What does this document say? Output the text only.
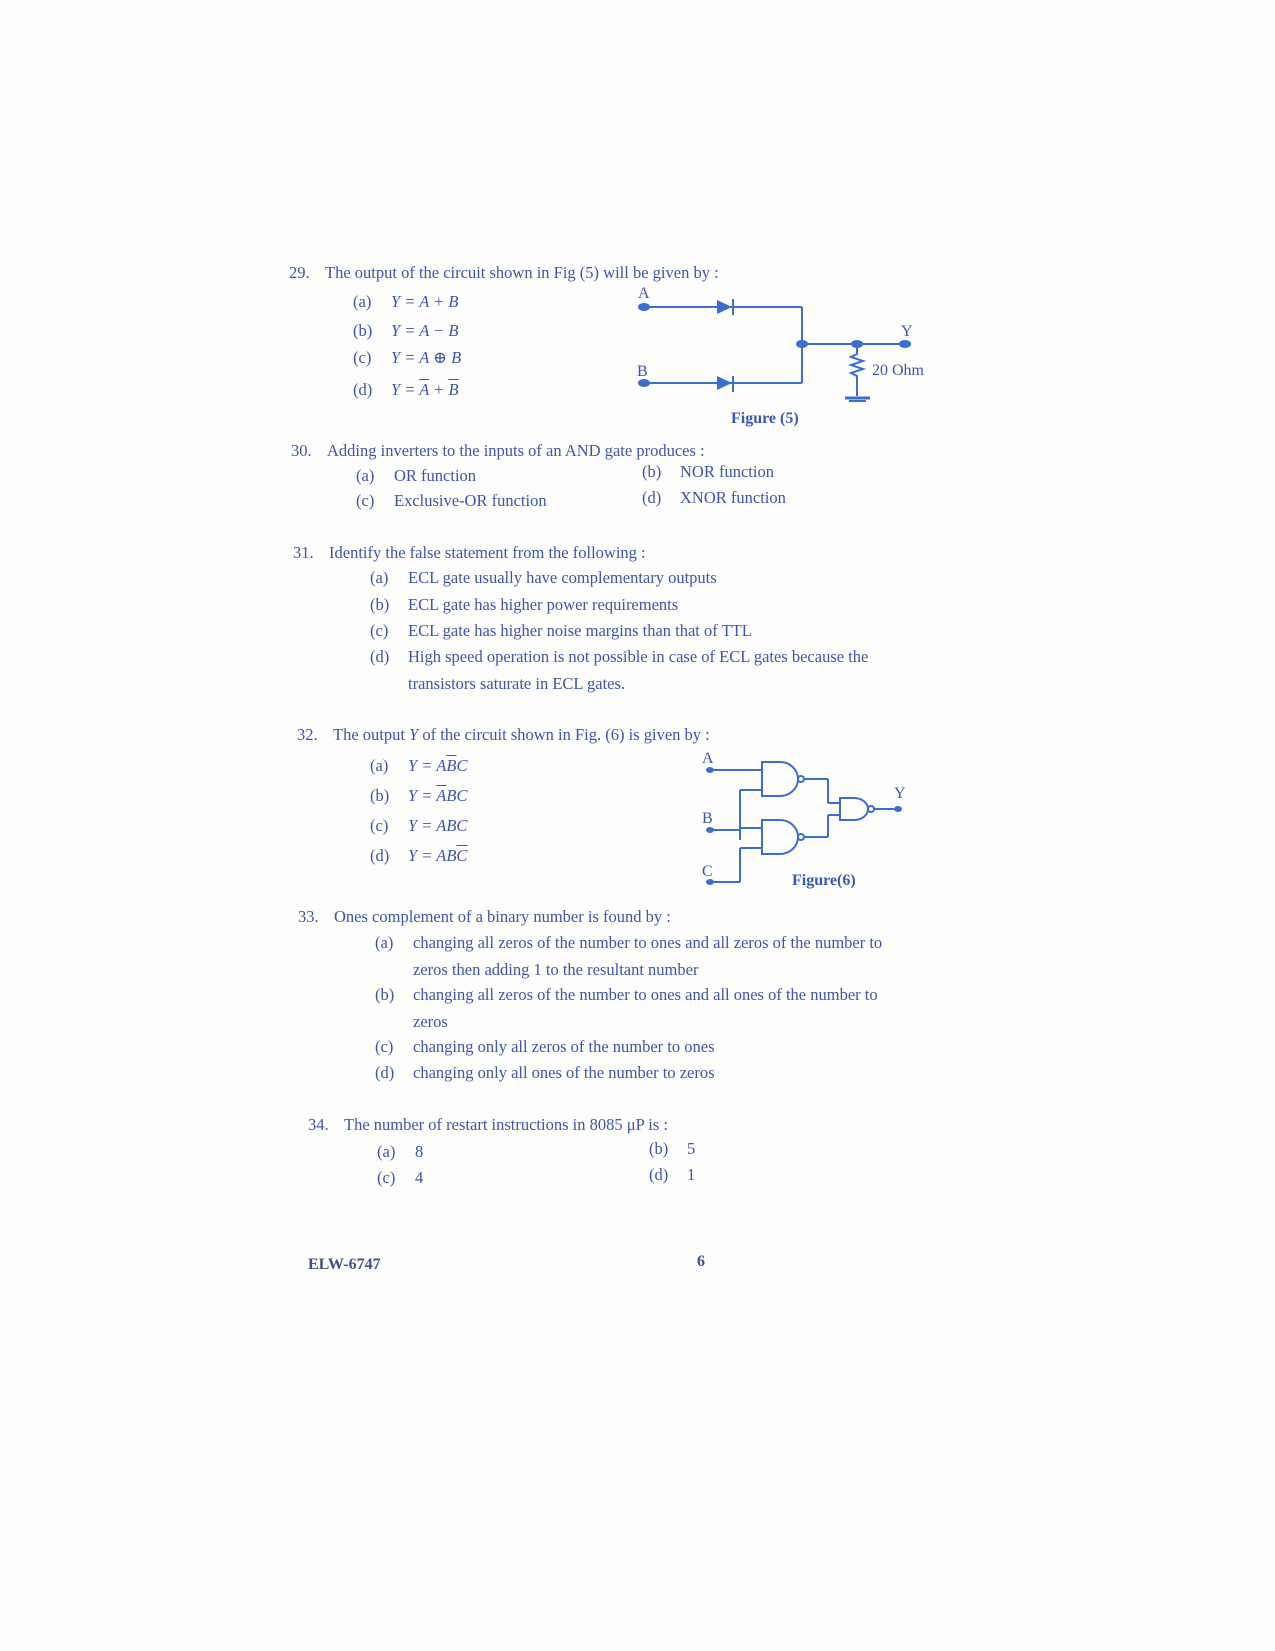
29. The output of the circuit shown in Fig (5) will be given by :
(a) Y = A + B
(b) Y = A − B
(c) Y = A ⊕ B
(d) $Y = \overline{A} + \overline{B}$
A
B
Y
20 Ohm
Figure (5)
30. Adding inverters to the inputs of an AND gate produces :
(a) OR function	(b) NOR function
(c) Exclusive-OR function	(d) XNOR function
31. Identify the false statement from the following :
(a) ECL gate usually have complementary outputs
(b) ECL gate has higher power requirements
(c) ECL gate has higher noise margins than that of TTL
(d) High speed operation is not possible in case of ECL gates because the
transistors saturate in ECL gates.
32. The output Y of the circuit shown in Fig. (6) is given by :
(a) $Y = A\overline{B}C$
(b) $Y = \overline{A}BC$
(c) Y = ABC
(d) $Y = AB\overline{C}$
A
B
C
Y
Figure(6)
33. Ones complement of a binary number is found by :
(a) changing all zeros of the number to ones and all zeros of the number to
zeros then adding 1 to the resultant number
(b) changing all zeros of the number to ones and all ones of the number to
zeros
(c) changing only all zeros of the number to ones
(d) changing only all ones of the number to zeros
34. The number of restart instructions in 8085 μP is :
(a) 8	(b) 5
(c) 4	(d) 1
ELW-6747	6
